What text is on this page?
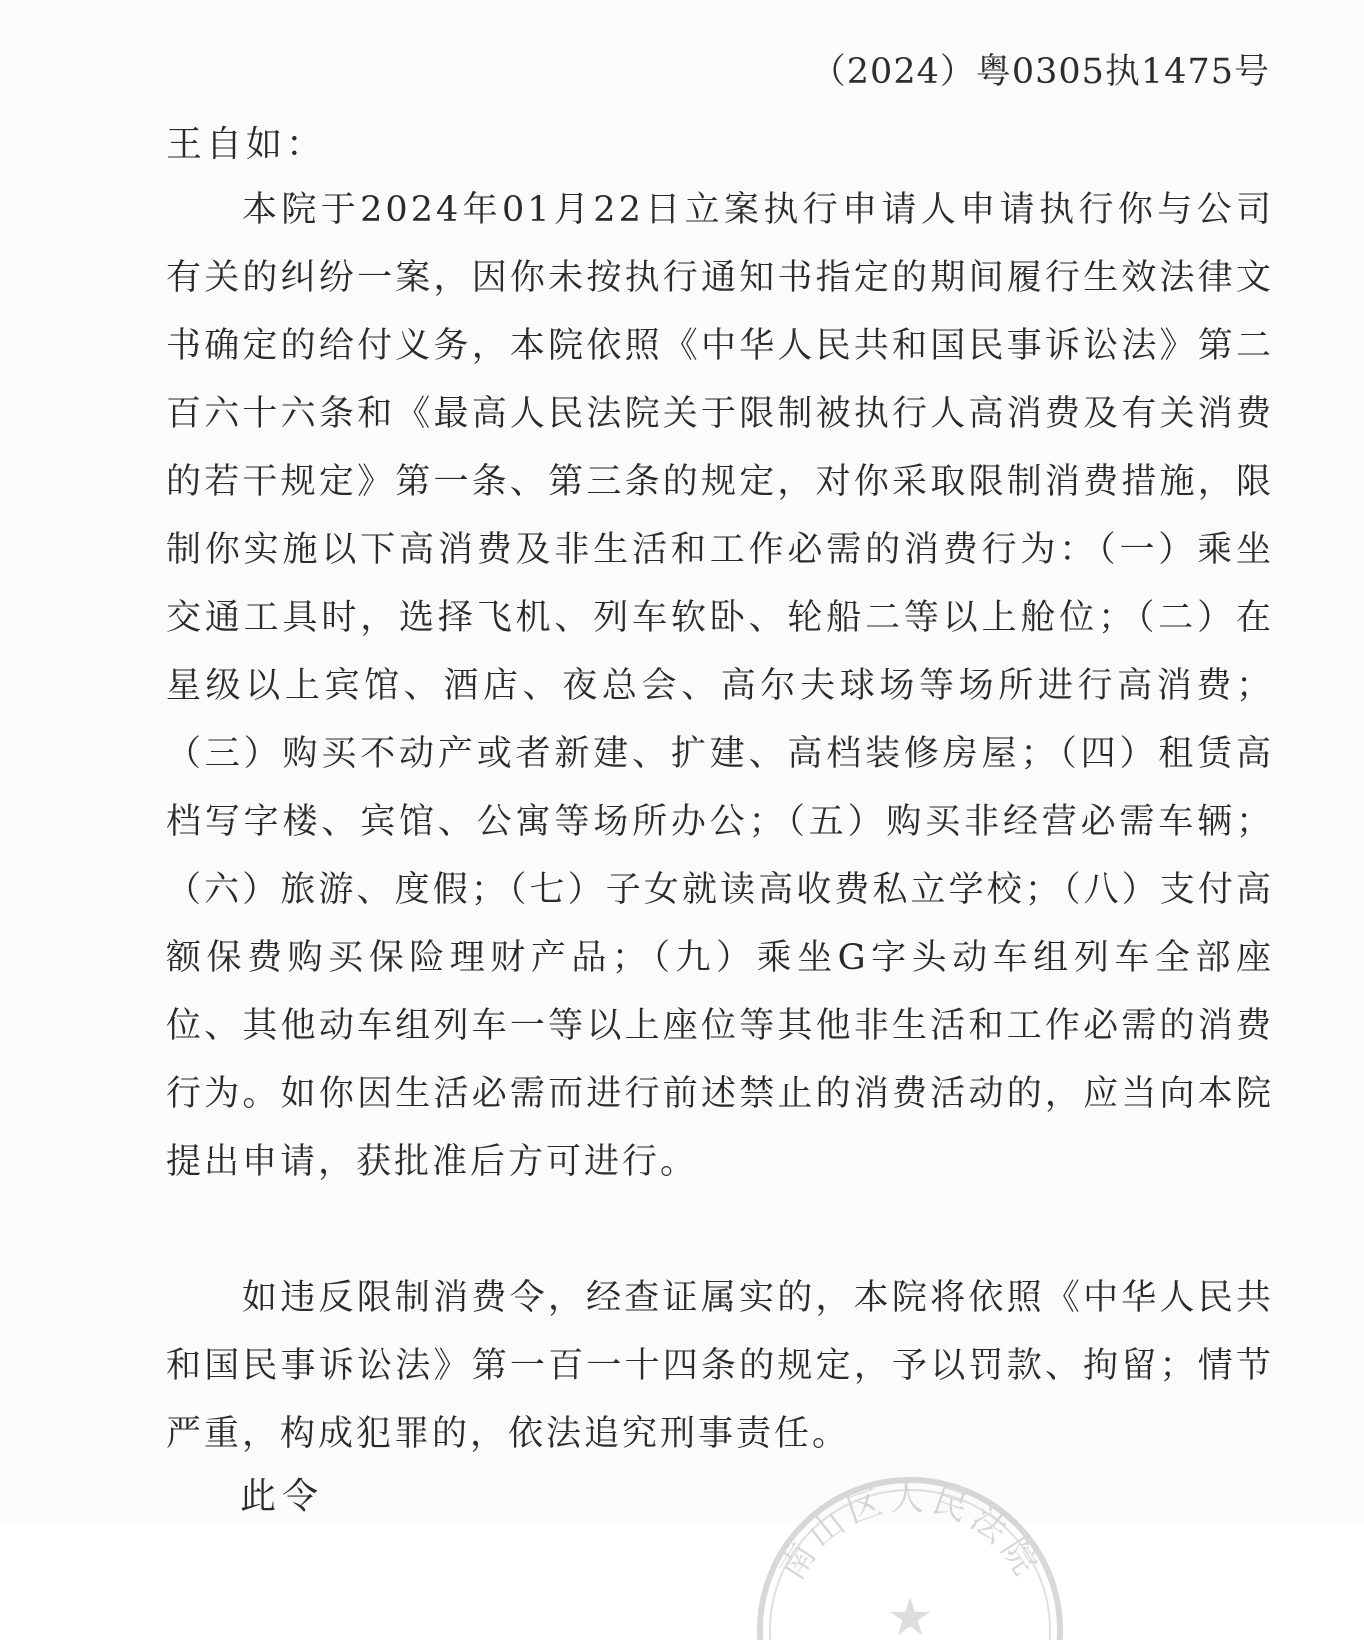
（2024）粤0305执1475号
王自如：
本院于2024年01月22日立案执行申请人申请执行你与公司有关的纠纷一案，因你未按执行通知书指定的期间履行生效法律文书确定的给付义务，本院依照《中华人民共和国民事诉讼法》第二百六十六条和《最高人民法院关于限制被执行人高消费及有关消费的若干规定》第一条、第三条的规定，对你采取限制消费措施，限制你实施以下高消费及非生活和工作必需的消费行为：（一）乘坐交通工具时，选择飞机、列车软卧、轮船二等以上舱位；（二）在星级以上宾馆、酒店、夜总会、高尔夫球场等场所进行高消费；（三）购买不动产或者新建、扩建、高档装修房屋；（四）租赁高档写字楼、宾馆、公寓等场所办公；（五）购买非经营必需车辆；（六）旅游、度假；（七）子女就读高收费私立学校；（八）支付高额保费购买保险理财产品；（九）乘坐G字头动车组列车全部座位、其他动车组列车一等以上座位等其他非生活和工作必需的消费行为。如你因生活必需而进行前述禁止的消费活动的，应当向本院提出申请，获批准后方可进行。
如违反限制消费令，经查证属实的，本院将依照《中华人民共和国民事诉讼法》第一百一十四条的规定，予以罚款、拘留；情节严重，构成犯罪的，依法追究刑事责任。
此令
南山区人民法院
★
